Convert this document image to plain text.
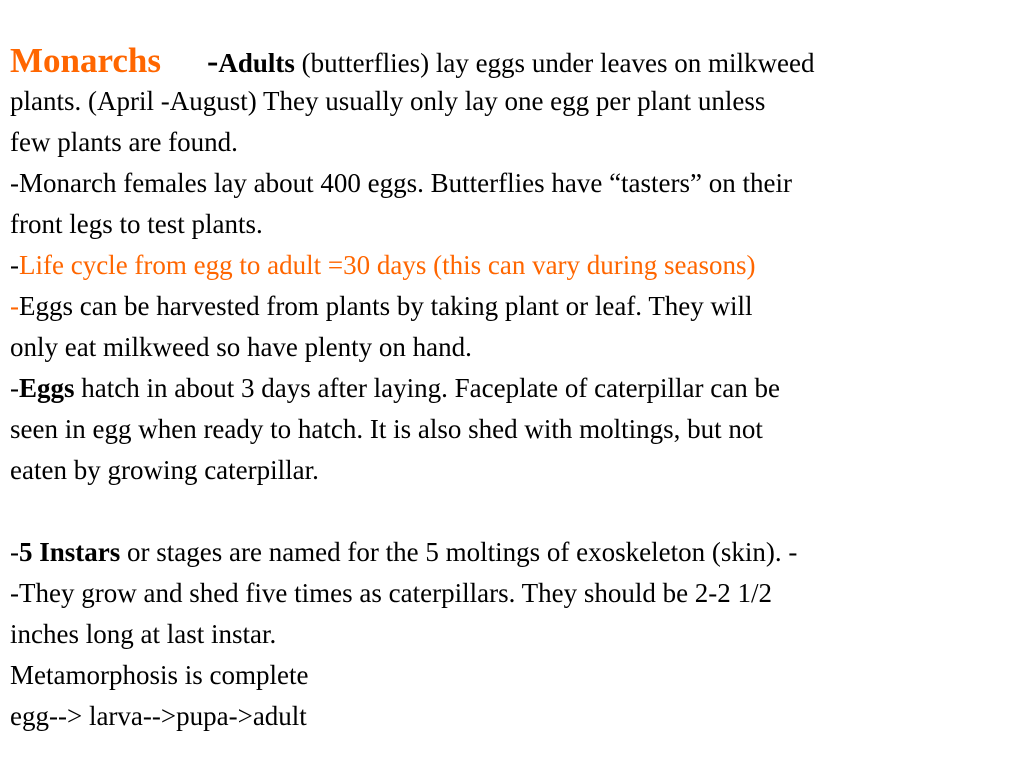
Monarchs -Adults (butterflies) lay eggs under leaves on milkweed
plants. (April -August) They usually only lay one egg per plant unless
few plants are found.
-Monarch females lay about 400 eggs. Butterflies have “tasters” on their
front legs to test plants.
-Life cycle from egg to adult =30 days (this can vary during seasons)
-Eggs can be harvested from plants by taking plant or leaf. They will
only eat milkweed so have plenty on hand.
-Eggs hatch in about 3 days after laying. Faceplate of caterpillar can be
seen in egg when ready to hatch. It is also shed with moltings, but not
eaten by growing caterpillar.
-5 Instars or stages are named for the 5 moltings of exoskeleton (skin). -
-They grow and shed five times as caterpillars. They should be 2-2 1/2
inches long at last instar.
Metamorphosis is complete
egg--> larva-->pupa->adult
